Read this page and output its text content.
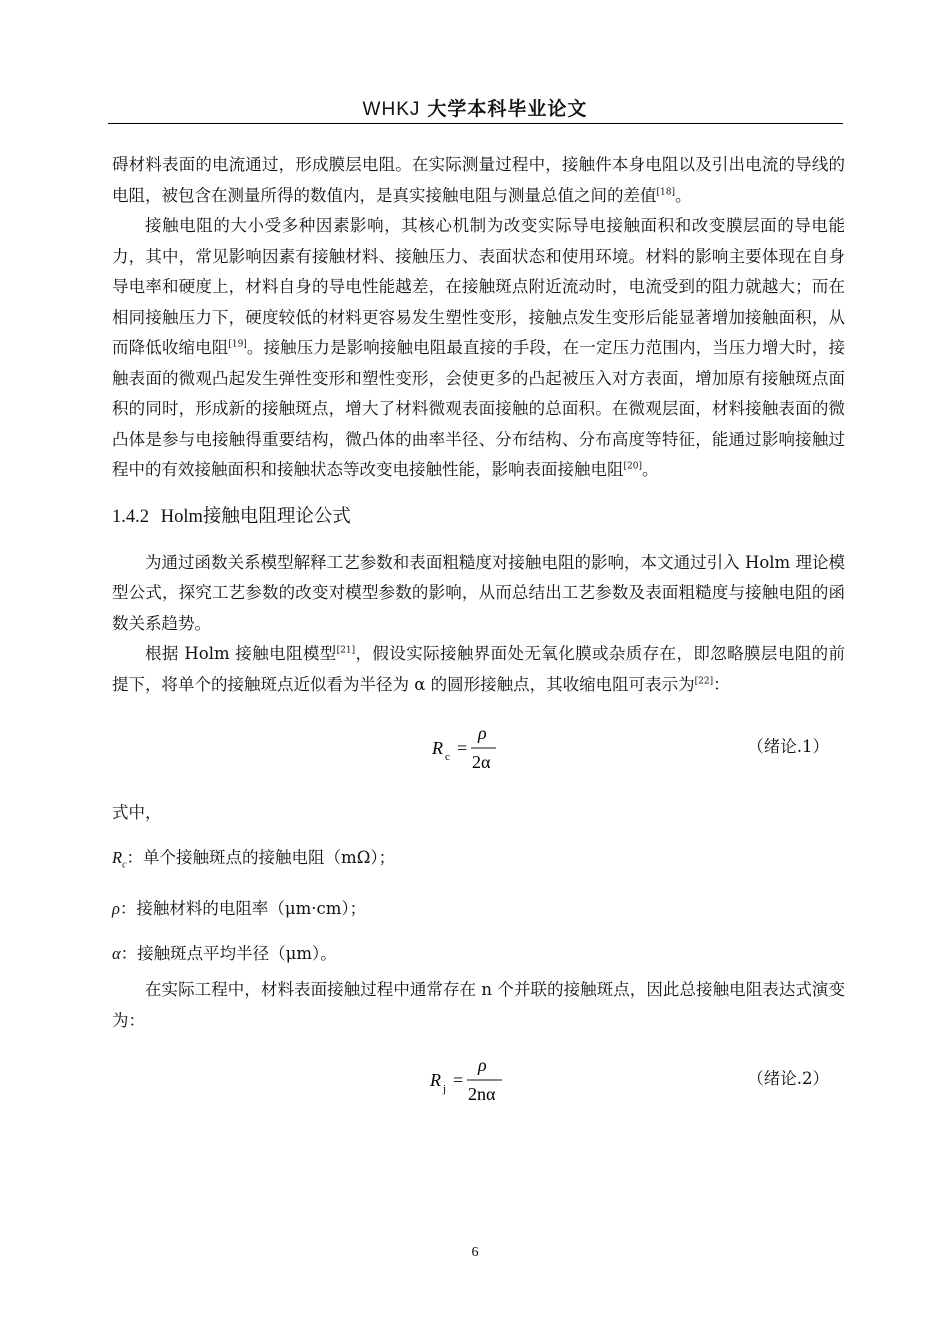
WHKJ 大学本科毕业论文

碍材料表面的电流通过，形成膜层电阻。在实际测量过程中，接触件本身电阻以及引出电流的导线的电阻，被包含在测量所得的数值内，是真实接触电阻与测量总值之间的差值[18]。

接触电阻的大小受多种因素影响，其核心机制为改变实际导电接触面积和改变膜层面的导电能力，其中，常见影响因素有接触材料、接触压力、表面状态和使用环境。材料的影响主要体现在自身导电率和硬度上，材料自身的导电性能越差，在接触斑点附近流动时，电流受到的阻力就越大；而在相同接触压力下，硬度较低的材料更容易发生塑性变形，接触点发生变形后能显著增加接触面积，从而降低收缩电阻[19]。接触压力是影响接触电阻最直接的手段，在一定压力范围内，当压力增大时，接触表面的微观凸起发生弹性变形和塑性变形，会使更多的凸起被压入对方表面，增加原有接触斑点面积的同时，形成新的接触斑点，增大了材料微观表面接触的总面积。在微观层面，材料接触表面的微凸体是参与电接触得重要结构，微凸体的曲率半径、分布结构、分布高度等特征，能通过影响接触过程中的有效接触面积和接触状态等改变电接触性能，影响表面接触电阻[20]。

1.4.2 Holm接触电阻理论公式

为通过函数关系模型解释工艺参数和表面粗糙度对接触电阻的影响，本文通过引入 Holm 理论模型公式，探究工艺参数的改变对模型参数的影响，从而总结出工艺参数及表面粗糙度与接触电阻的函数关系趋势。

根据 Holm 接触电阻模型[21]，假设实际接触界面处无氧化膜或杂质存在，即忽略膜层电阻的前提下，将单个的接触斑点近似看为半径为 α 的圆形接触点，其收缩电阻可表示为[22]：

R c =
ρ
2α
（绪论.1）

式中，

$R_c$：单个接触斑点的接触电阻（mΩ）；

ρ：接触材料的电阻率（μm·cm）；

α：接触斑点平均半径（μm）。

在实际工程中，材料表面接触过程中通常存在 n 个并联的接触斑点，因此总接触电阻表达式演变为：

R j =
ρ
2nα
（绪论.2）
6
